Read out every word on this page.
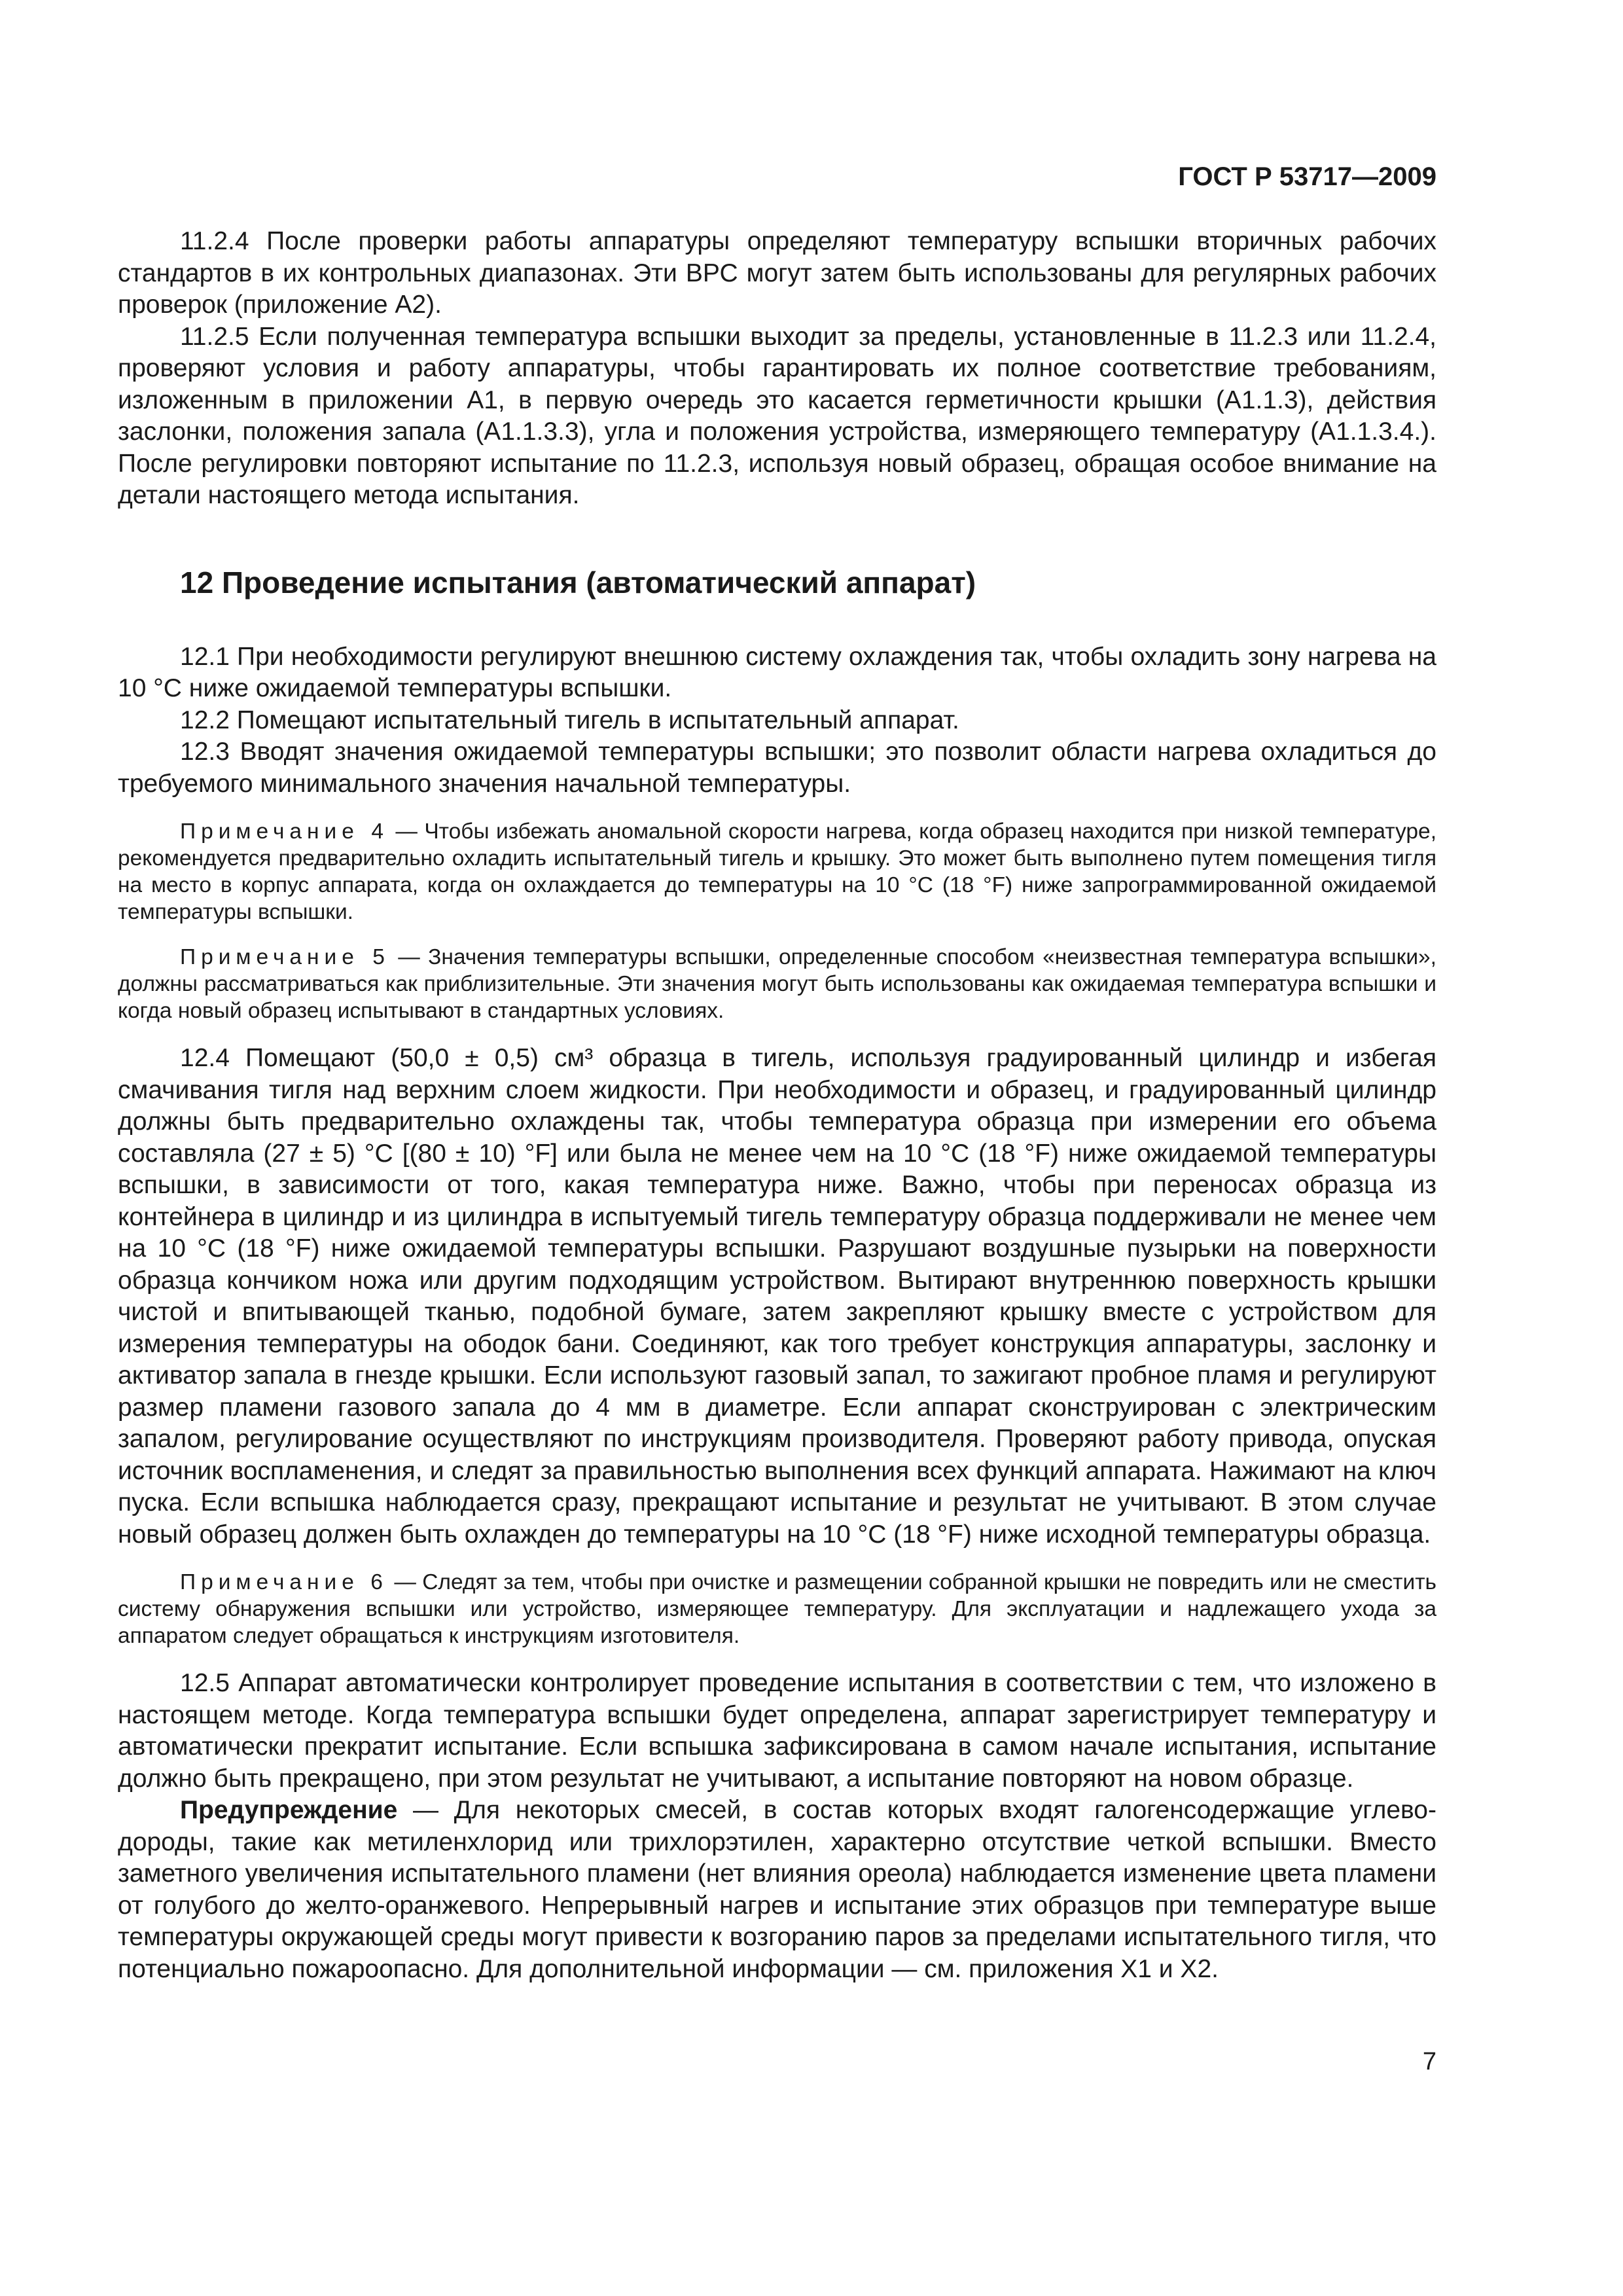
ГОСТ Р 53717—2009

11.2.4 После проверки работы аппаратуры определяют температуру вспышки вторичных рабочих стандартов в их контрольных диапазонах. Эти ВРС могут затем быть использованы для регулярных рабочих проверок (приложение А2).

11.2.5 Если полученная температура вспышки выходит за пределы, установленные в 11.2.3 или 11.2.4, проверяют условия и работу аппаратуры, чтобы гарантировать их полное соответствие требованиям, изложенным в приложении А1, в первую очередь это касается герметичности крышки (А1.1.3), действия заслонки, положения запала (А1.1.3.3), угла и положения устройства, измеряющего температуру (А1.1.3.4.). После регулировки повторяют испытание по 11.2.3, используя новый образец, обращая особое внимание на детали настоящего метода испытания.

12 Проведение испытания (автоматический аппарат)

12.1 При необходимости регулируют внешнюю систему охлаждения так, чтобы охладить зону нагрева на 10 °С ниже ожидаемой температуры вспышки.

12.2 Помещают испытательный тигель в испытательный аппарат.

12.3 Вводят значения ожидаемой температуры вспышки; это позволит области нагрева охладиться до требуемого минимального значения начальной температуры.

Примечание 4 — Чтобы избежать аномальной скорости нагрева, когда образец находится при низкой температуре, рекомендуется предварительно охладить испытательный тигель и крышку. Это может быть выполнено путем помещения тигля на место в корпус аппарата, когда он охлаждается до температуры на 10 °С (18 °F) ниже запрограммированной ожидаемой температуры вспышки.

Примечание 5 — Значения температуры вспышки, определенные способом «неизвестная температура вспышки», должны рассматриваться как приблизительные. Эти значения могут быть использованы как ожидаемая температура вспышки и когда новый образец испытывают в стандартных условиях.

12.4 Помещают (50,0 ± 0,5) см³ образца в тигель, используя градуированный цилиндр и избегая смачивания тигля над верхним слоем жидкости. При необходимости и образец, и градуированный цилиндр должны быть предварительно охлаждены так, чтобы температура образца при измерении его объема составляла (27 ± 5) °С [(80 ± 10) °F] или была не менее чем на 10 °С (18 °F) ниже ожидаемой температуры вспышки, в зависимости от того, какая температура ниже. Важно, чтобы при переносах образца из контейнера в цилиндр и из цилиндра в испытуемый тигель температуру образца поддерживали не менее чем на 10 °С (18 °F) ниже ожидаемой температуры вспышки. Разрушают воздушные пузырьки на поверхности образца кончиком ножа или другим подходящим устройством. Вытирают внутреннюю поверхность крышки чистой и впитывающей тканью, подобной бумаге, затем закрепляют крышку вместе с устройством для измерения температуры на ободок бани. Соединяют, как того требует конструкция аппаратуры, заслонку и активатор запала в гнезде крышки. Если используют газовый запал, то зажигают пробное пламя и регулируют размер пламени газового запала до 4 мм в диаметре. Если аппарат сконструирован с электрическим запалом, регулирование осуществляют по инструкциям производителя. Проверяют работу привода, опуская источник воспламенения, и следят за правильностью выполнения всех функций аппарата. Нажимают на ключ пуска. Если вспышка наблюдается сразу, прекращают испытание и результат не учитывают. В этом случае новый образец должен быть охлажден до температуры на 10 °С (18 °F) ниже исходной температуры образца.

Примечание 6 — Следят за тем, чтобы при очистке и размещении собранной крышки не повредить или не сместить систему обнаружения вспышки или устройство, измеряющее температуру. Для эксплуатации и надлежащего ухода за аппаратом следует обращаться к инструкциям изготовителя.

12.5 Аппарат автоматически контролирует проведение испытания в соответствии с тем, что изложено в настоящем методе. Когда температура вспышки будет определена, аппарат зарегистрирует температуру и автоматически прекратит испытание. Если вспышка зафиксирована в самом начале испытания, испытание должно быть прекращено, при этом результат не учитывают, а испытание повторяют на новом образце.

Предупреждение — Для некоторых смесей, в состав которых входят галогенсодержащие углеводороды, такие как метиленхлорид или трихлорэтилен, характерно отсутствие четкой вспышки. Вместо заметного увеличения испытательного пламени (нет влияния ореола) наблюдается изменение цвета пламени от голубого до желто-оранжевого. Непрерывный нагрев и испытание этих образцов при температуре выше температуры окружающей среды могут привести к возгоранию паров за пределами испытательного тигля, что потенциально пожароопасно. Для дополнительной информации — см. приложения Х1 и Х2.

7
